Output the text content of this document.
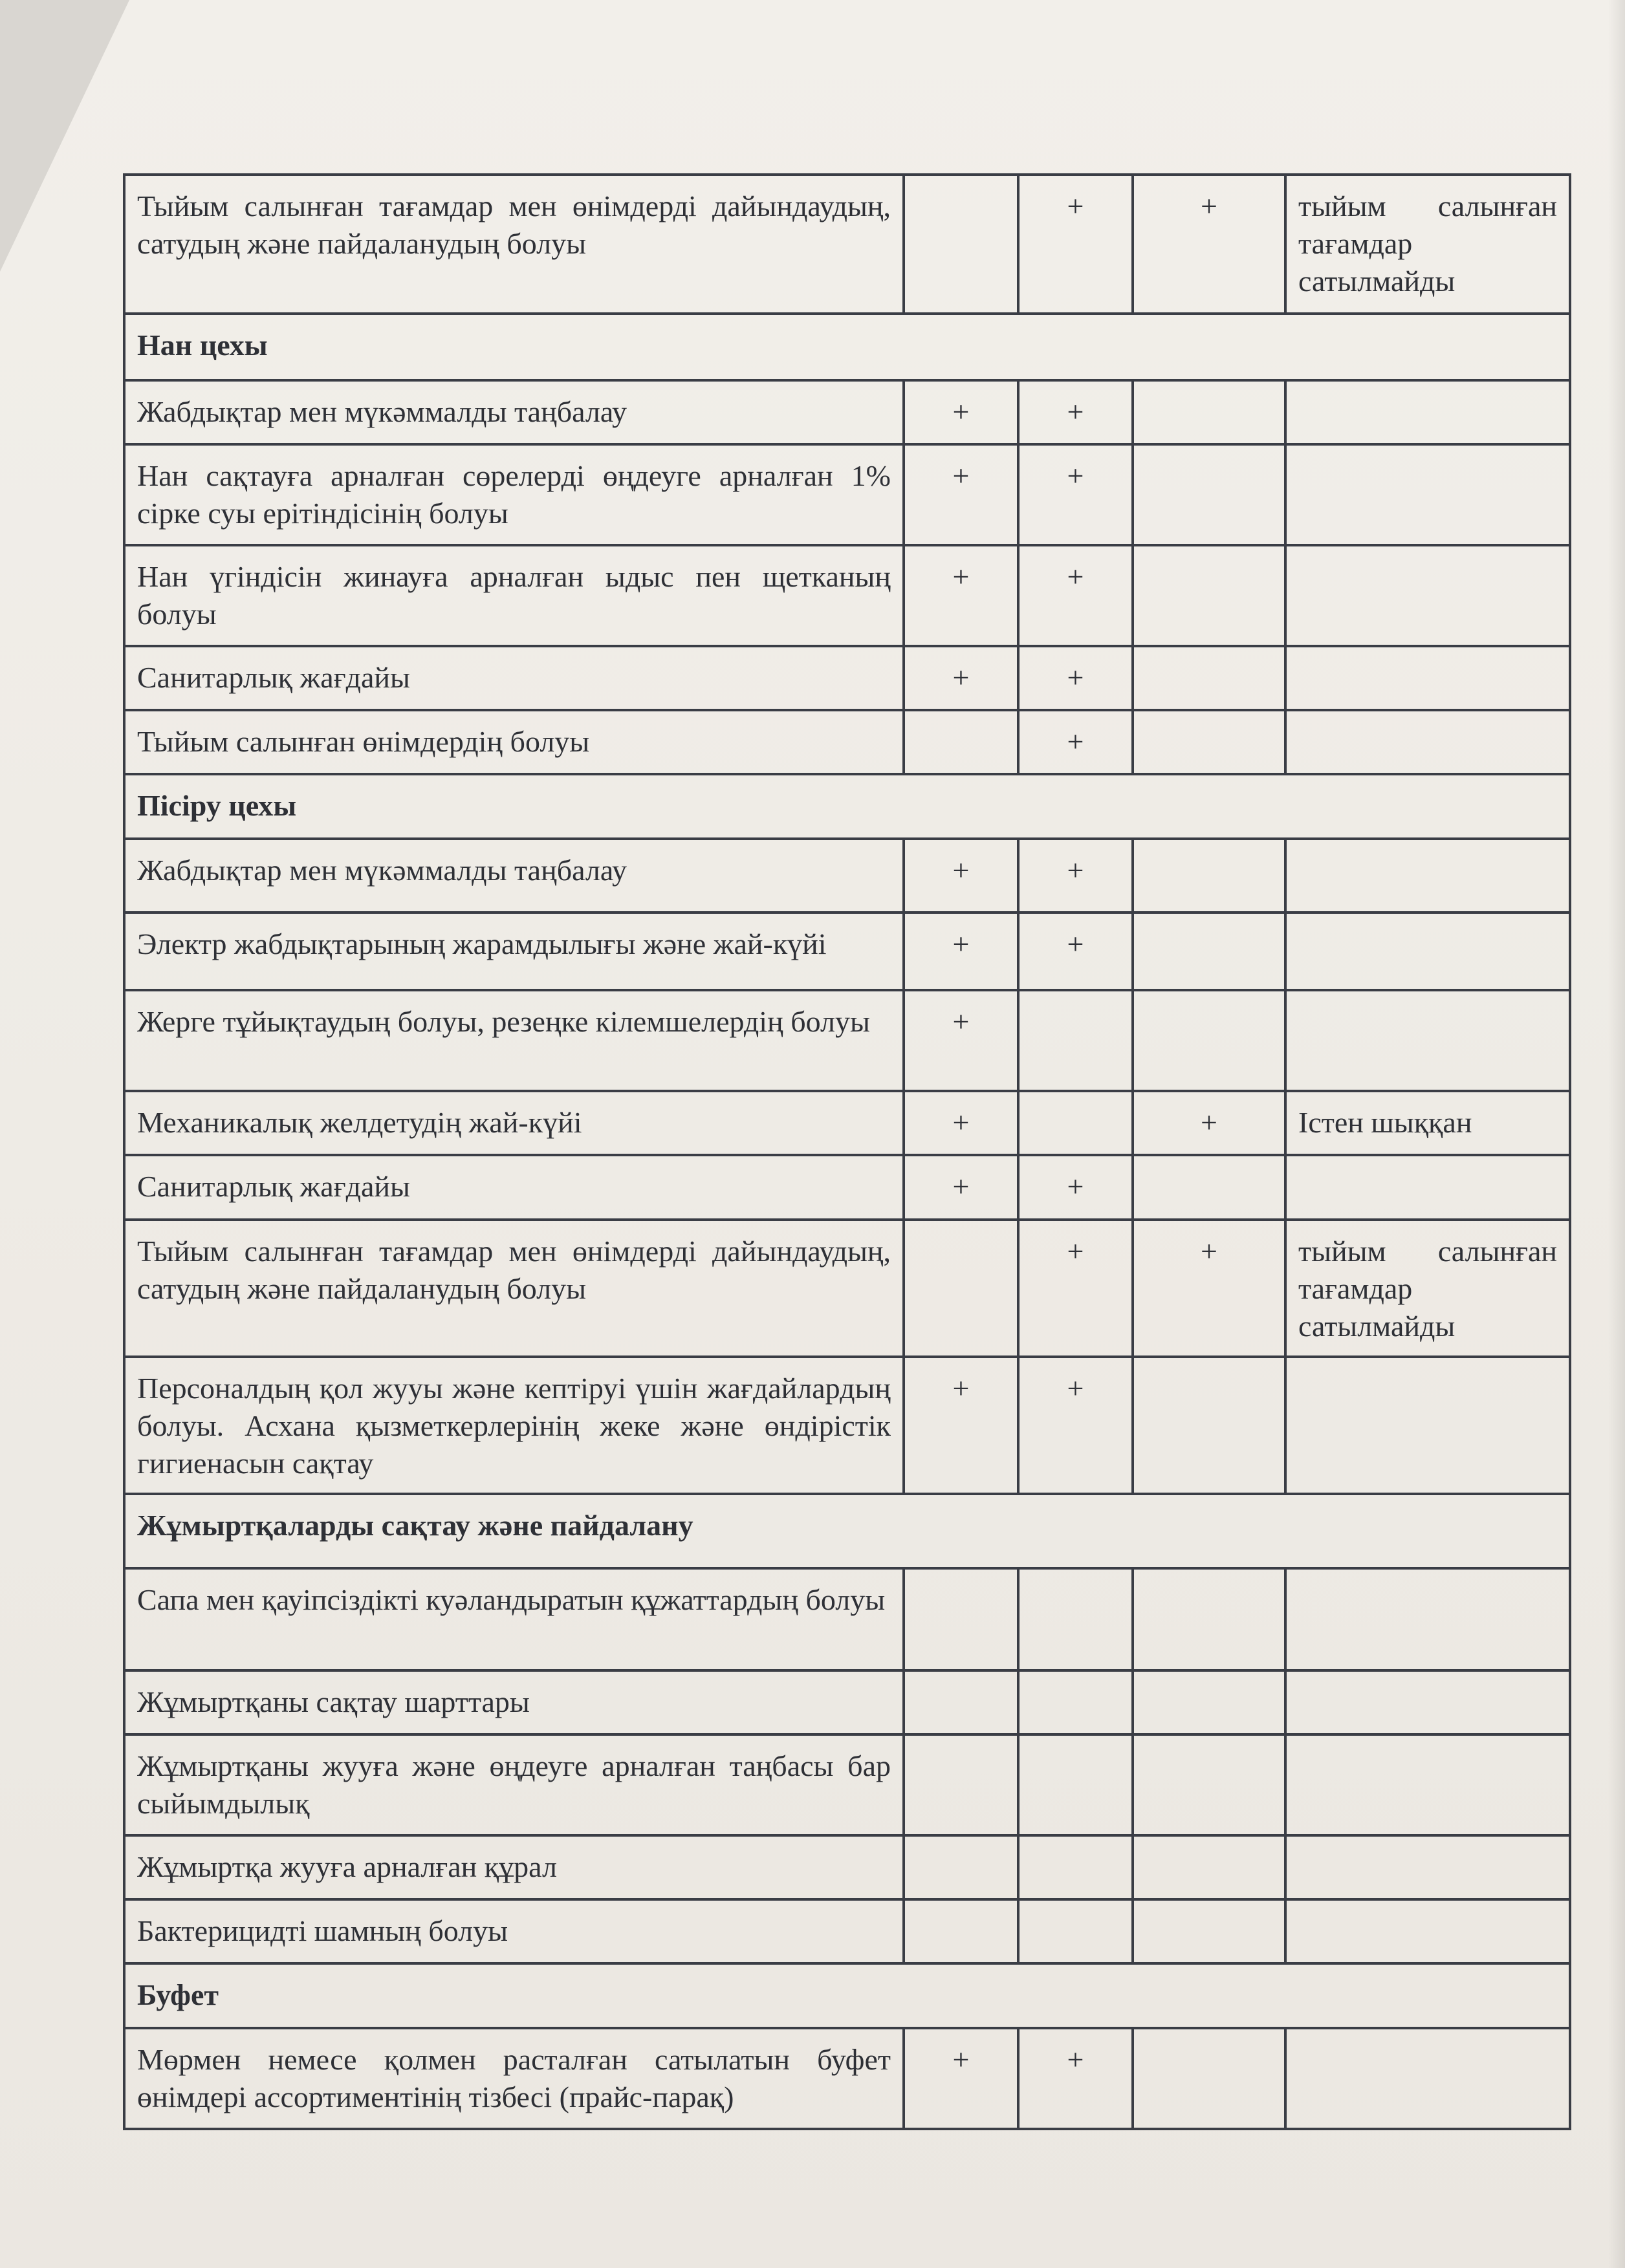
Тыйым салынған тағамдар мен өнімдерді дайындаудың, сатудың және пайдаланудың болуы		+	+	тыйым салынған тағамдар сатылмайды
Нан цехы				
Жабдықтар мен мүкәммалды таңбалау	+	+		
Нан сақтауға арналған сөрелерді өңдеуге арналған 1% сірке суы ерітіндісінің болуы	+	+		
Нан үгіндісін жинауға арналған ыдыс пен щетканың болуы	+	+		
Санитарлық жағдайы	+	+		
Тыйым салынған өнімдердің болуы		+		
Пісіру цехы				
Жабдықтар мен мүкәммалды таңбалау	+	+		
Электр жабдықтарының жарамдылығы және жай-күйі	+	+		
Жерге тұйықтаудың болуы, резеңке кілемшелердің болуы	+			
Механикалық желдетудің жай-күйі	+		+	Істен шыққан
Санитарлық жағдайы	+	+		
Тыйым салынған тағамдар мен өнімдерді дайындаудың, сатудың және пайдаланудың болуы		+	+	тыйым салынған тағамдар сатылмайды
Персоналдың қол жууы және кептіруі үшін жағдайлардың болуы. Асхана қызметкерлерінің жеке және өндірістік гигиенасын сақтау	+	+		
Жұмыртқаларды сақтау және пайдалану				
Сапа мен қауіпсіздікті куәландыратын құжаттардың болуы				
Жұмыртқаны сақтау шарттары				
Жұмыртқаны жууға және өңдеуге арналған таңбасы бар сыйымдылық				
Жұмыртқа жууға арналған құрал				
Бактерицидті шамның болуы				
Буфет				
Мөрмен немесе қолмен расталған сатылатын буфет өнімдері ассортиментінің тізбесі (прайс-парақ)	+	+		
